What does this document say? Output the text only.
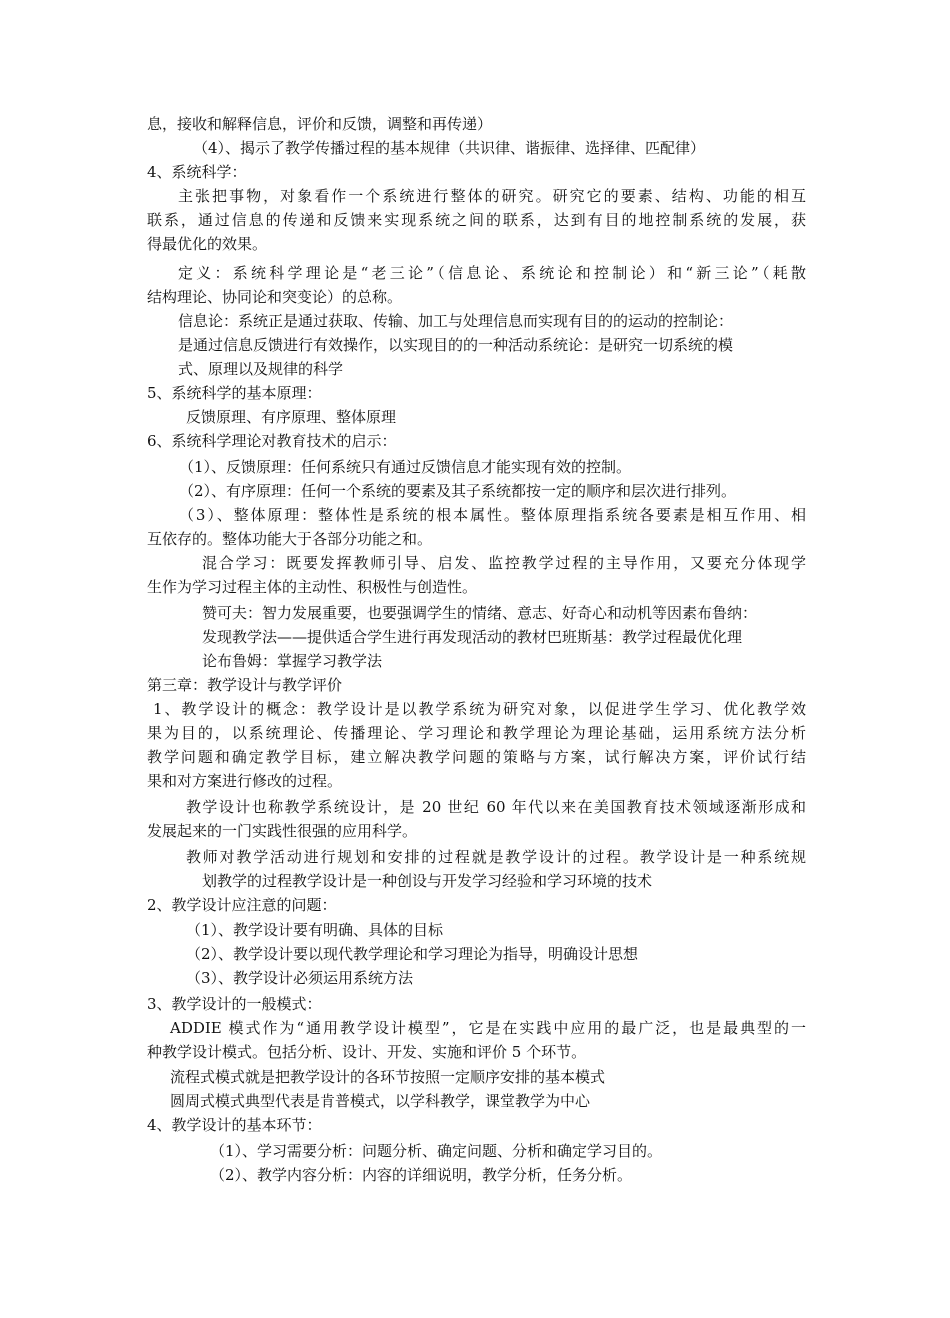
息，接收和解释信息，评价和反馈，调整和再传递）
（4）、揭示了教学传播过程的基本规律（共识律、谐振律、选择律、匹配律）
4、系统科学：
主张把事物，对象看作一个系统进行整体的研究。研究它的要素、结构、功能的相互
联系，通过信息的传递和反馈来实现系统之间的联系，达到有目的地控制系统的发展，获
得最优化的效果。
定义：系统科学理论是“老三论”（信息论、系统论和控制论）和“新三论”（耗散
结构理论、协同论和突变论）的总称。
信息论：系统正是通过获取、传输、加工与处理信息而实现有目的的运动的控制论：
是通过信息反馈进行有效操作，以实现目的的一种活动系统论：是研究一切系统的模
式、原理以及规律的科学
5、系统科学的基本原理：
反馈原理、有序原理、整体原理
6、系统科学理论对教育技术的启示：
（1）、反馈原理：任何系统只有通过反馈信息才能实现有效的控制。
（2）、有序原理：任何一个系统的要素及其子系统都按一定的顺序和层次进行排列。
（3）、整体原理：整体性是系统的根本属性。整体原理指系统各要素是相互作用、相
互依存的。整体功能大于各部分功能之和。
混合学习：既要发挥教师引导、启发、监控教学过程的主导作用，又要充分体现学
生作为学习过程主体的主动性、积极性与创造性。
赞可夫：智力发展重要，也要强调学生的情绪、意志、好奇心和动机等因素布鲁纳：
发现教学法——提供适合学生进行再发现活动的教材巴班斯基：教学过程最优化理
论布鲁姆：掌握学习教学法
第三章：教学设计与教学评价
1、教学设计的概念：教学设计是以教学系统为研究对象，以促进学生学习、优化教学效
果为目的，以系统理论、传播理论、学习理论和教学理论为理论基础，运用系统方法分析
教学问题和确定教学目标，建立解决教学问题的策略与方案，试行解决方案，评价试行结
果和对方案进行修改的过程。
教学设计也称教学系统设计，是 20 世纪 60 年代以来在美国教育技术领域逐渐形成和
发展起来的一门实践性很强的应用科学。
教师对教学活动进行规划和安排的过程就是教学设计的过程。教学设计是一种系统规
划教学的过程教学设计是一种创设与开发学习经验和学习环境的技术
2、教学设计应注意的问题：
（1）、教学设计要有明确、具体的目标
（2）、教学设计要以现代教学理论和学习理论为指导，明确设计思想
（3）、教学设计必须运用系统方法
3、教学设计的一般模式：
ADDIE 模式作为“通用教学设计模型”，它是在实践中应用的最广泛，也是最典型的一
种教学设计模式。包括分析、设计、开发、实施和评价 5 个环节。
流程式模式就是把教学设计的各环节按照一定顺序安排的基本模式
圆周式模式典型代表是肯普模式，以学科教学，课堂教学为中心
4、教学设计的基本环节：
（1）、学习需要分析：问题分析、确定问题、分析和确定学习目的。
（2）、教学内容分析：内容的详细说明，教学分析，任务分析。
